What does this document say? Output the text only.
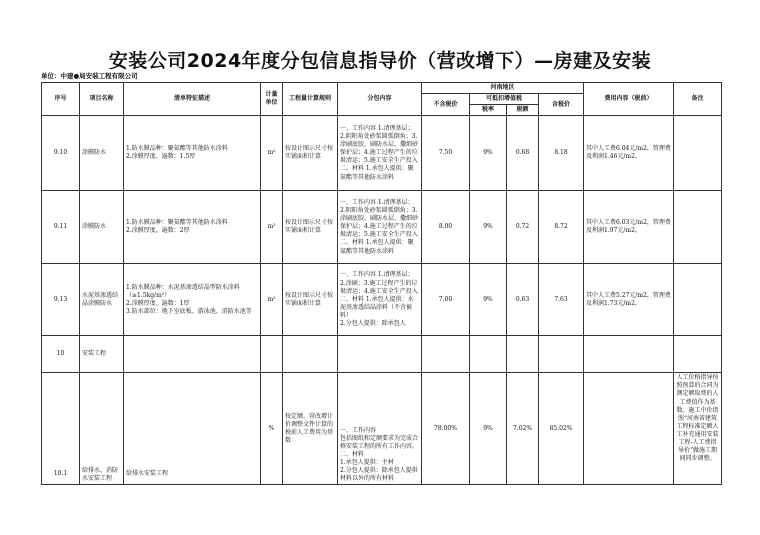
安装公司2024年度分包信息指导价（营改增下）—房建及安装
单位：中建●局安装工程有限公司
序号	项目名称	清单特征描述	计量单位	工程量计算规则	分包内容	河南地区				费用内容（税前）	备注
						不含税价	可抵扣增值税		含税价		
							税率	税额			
9.10	涂膜防水	1.防水膜品种：聚氨酯等其他防水涂料
2.涂膜厚度、遍数：1.5厚	m²	按设计图示尺寸按实铺面积计算	一、工作内容 1.清理基层；2.阴阳角处砂浆圆弧倒角；3.涂刷底胶、刷防水层、撒细砂保护层；4.施工过程产生的垃圾清运；5.施工安全生产投入
二、材料 1.承包人提供：聚氨酯等其他防水涂料	7.50	9%	0.68	8.18	其中人工费6.04元/m2，管理费及利润1.46元/m2。	
9.11	涂膜防水	1.防水膜品种：聚氨酯等其他防水涂料
2.涂膜厚度、遍数：2厚	m²	按设计图示尺寸按实铺面积计算	一、工作内容 1.清理基层；2.阴阳角处砂浆圆弧倒角；3.涂刷底胶、刷防水层、撒细砂保护层；4.施工过程产生的垃圾清运；5.施工安全生产投入
二、材料 1.承包人提供：聚氨酯等其他防水涂料	8.00	9%	0.72	8.72	其中人工费6.03元/m2，管理费及利润1.97元/m2。	
9.13	水泥基渗透结晶涂膜防水	1.防水膜品种：水泥基渗透结晶型防水涂料（≥1.5kg/m²）
2.涂膜厚度、遍数：1厚
3.防水部位：地下室底板、游泳池、消防水池等	m²	按设计图示尺寸按实铺面积计算	一、工作内容 1.清理基层；2.涂刷；3.施工过程产生的垃圾清运；4.施工安全生产投入
二、材料 1.承包人提供：水泥基渗透结晶涂料（不含被料）
2.分包人提供：除承包人	7.00	9%	0.63	7.63	其中人工费5.27元/m2，管理费及利润1.73元/m2。	
10	安装工程										
10.1	给排水、消防水安装工程	给排水安装工程	%	按定额、营改增计价调整文件计算的税前人工费用为基数	一、工作内容
包括图纸和定额要求为完成合格安装工程的所有工作内容。
二、材料
1.承包人提供：主材
2.分包人提供：除承包人提供材料以外的所有材料	78.00%	9%	7.02%	85.02%		人工价格指导按照预算的合同为测定额取费的人工费值作为基数。施工中价指照“河南省建筑工程标准定额人工补充通用安装工程-人工费指导价”做施工期间同步调整。
